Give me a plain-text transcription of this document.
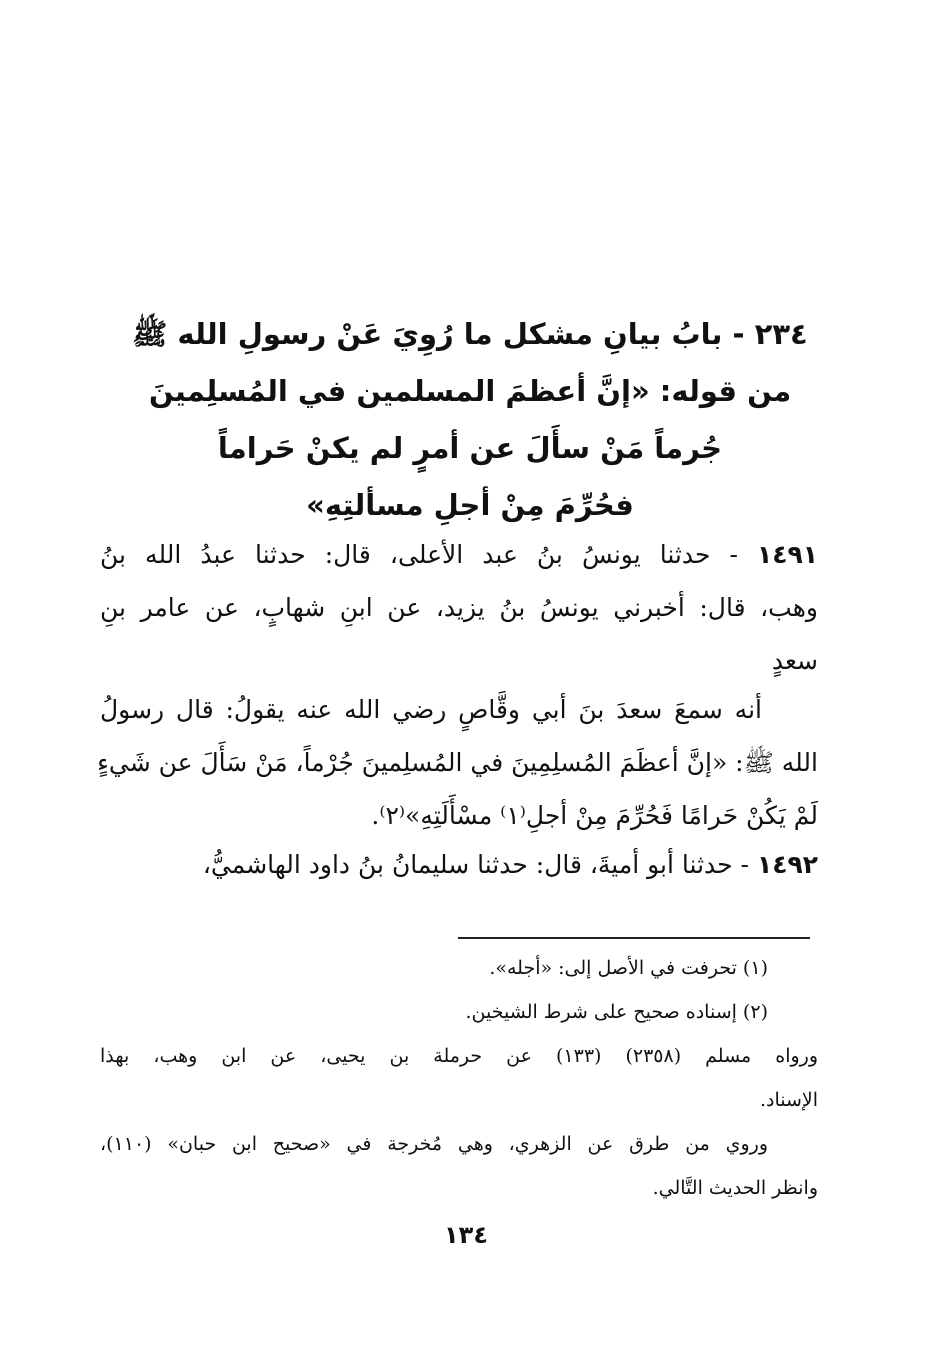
٢٣٤ - بابُ بيانِ مشكل ما رُوِيَ عَنْ رسولِ الله ﷺ
من قوله: «إنَّ أعظمَ المسلمين في المُسلِمينَ
جُرماً مَنْ سأَلَ عن أمرٍ لم يكنْ حَراماً
فحُرِّمَ مِنْ أجلِ مسألتِهِ»
١٤٩١ - حدثنا يونسُ بنُ عبد الأعلى، قال: حدثنا عبدُ الله بنُ
وهب، قال: أخبرني يونسُ بنُ يزيد، عن ابنِ شهابٍ، عن عامر بنِ
سعدٍ
أنه سمعَ سعدَ بنَ أبي وقَّاصٍ رضي الله عنه يقولُ: قال رسولُ
الله ﷺ: «إنَّ أعظَمَ المُسلِمِينَ في المُسلِمينَ جُرْماً، مَنْ سَأَلَ عن شَيءٍ
لَمْ يَكُنْ حَرامًا فَحُرِّمَ مِنْ أجلِ⁽١⁾ مسْأَلَتِهِ»⁽٢⁾.
١٤٩٢ - حدثنا أبو أميةَ، قال: حدثنا سليمانُ بنُ داود الهاشميُّ،
(١) تحرفت في الأصل إلى: «أجله».
(٢) إسناده صحيح على شرط الشيخين.
ورواه مسلم (٢٣٥٨) (١٣٣) عن حرملة بن يحيى، عن ابن وهب، بهذا
الإسناد.
وروي من طرق عن الزهري، وهي مُخرجة في «صحيح ابن حبان» (١١٠)،
وانظر الحديث التَّالي.
١٣٤
